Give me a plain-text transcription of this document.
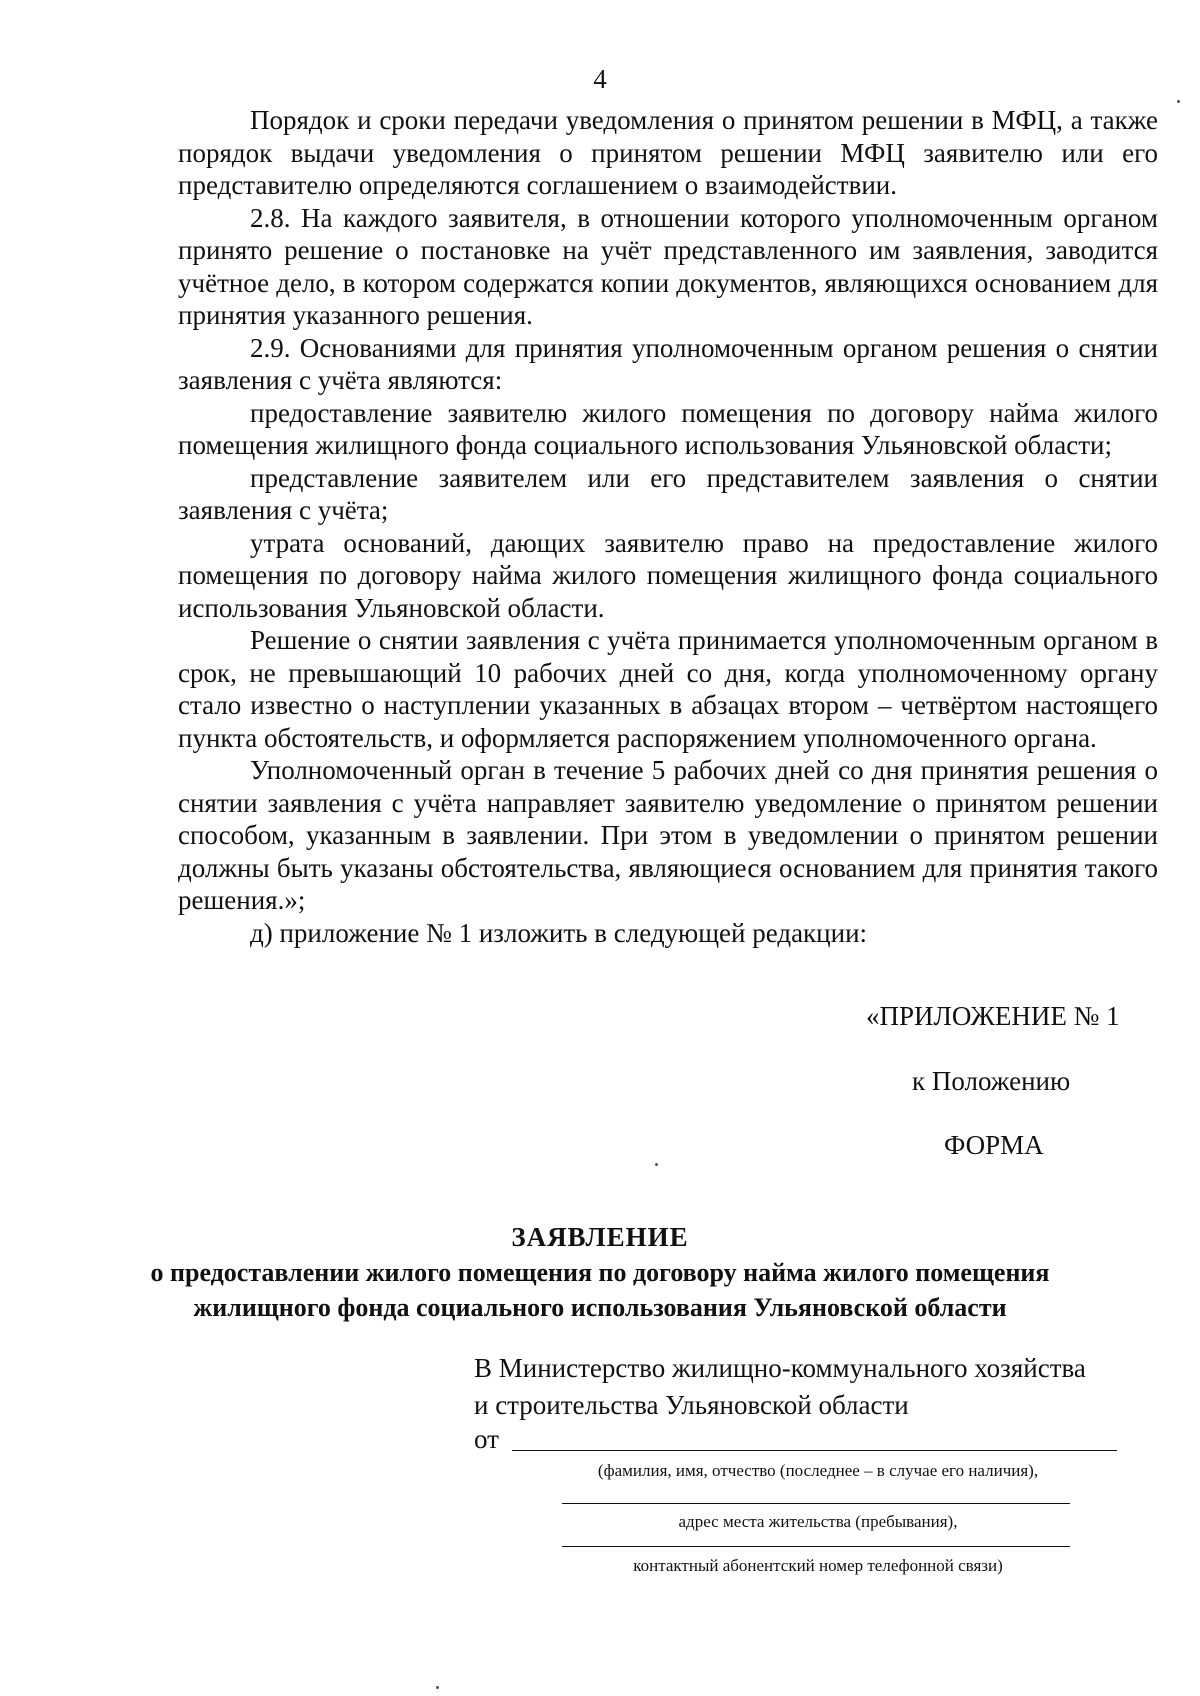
4

Порядок и сроки передачи уведомления о принятом решении в МФЦ, а также порядок выдачи уведомления о принятом решении МФЦ заявителю или его представителю определяются соглашением о взаимодействии.

2.8. На каждого заявителя, в отношении которого уполномоченным органом принято решение о постановке на учёт представленного им заявления, заводится учётное дело, в котором содержатся копии документов, являющихся основанием для принятия указанного решения.

2.9. Основаниями для принятия уполномоченным органом решения о снятии заявления с учёта являются:

предоставление заявителю жилого помещения по договору найма жилого помещения жилищного фонда социального использования Ульяновской области;

представление заявителем или его представителем заявления о снятии заявления с учёта;

утрата оснований, дающих заявителю право на предоставление жилого помещения по договору найма жилого помещения жилищного фонда социального использования Ульяновской области.

Решение о снятии заявления с учёта принимается уполномоченным органом в срок, не превышающий 10 рабочих дней со дня, когда уполномоченному органу стало известно о наступлении указанных в абзацах втором – четвёртом настоящего пункта обстоятельств, и оформляется распоряжением уполномоченного органа.

Уполномоченный орган в течение 5 рабочих дней со дня принятия решения о снятии заявления с учёта направляет заявителю уведомление о принятом решении способом, указанным в заявлении. При этом в уведомлении о принятом решении должны быть указаны обстоятельства, являющиеся основанием для принятия такого решения.»;

д) приложение № 1 изложить в следующей редакции:

«ПРИЛОЖЕНИЕ № 1
к Положению
ФОРМА
ЗАЯВЛЕНИЕ
о предоставлении жилого помещения по договору найма жилого помещения
жилищного фонда социального использования Ульяновской области
В Министерство жилищно-коммунального хозяйства
и строительства Ульяновской области
от
(фамилия, имя, отчество (последнее – в случае его наличия),
адрес места жительства (пребывания),
контактный абонентский номер телефонной связи)
